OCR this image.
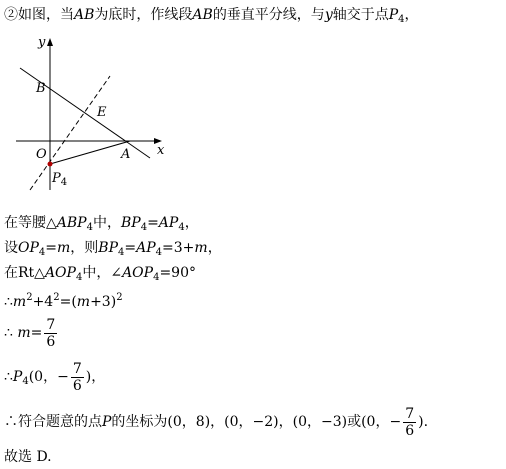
②如图，当AB为底时，作线段AB的垂直平分线，与y轴交于点$P_4$，
y
x
B
E
O	A
$P_4$
在等腰$\triangle ABP_4$中，$BP_4=AP_4$，
设$OP_4=m$，则$BP_4=AP_4=3+m$，
在$Rt\triangle AOP_4$中，$\angle AOP_4=90^\circ$
$\therefore m^2+4^2=(m+3)^2$
∴ $m= \frac{7}{6}$
$\therefore P_4(0$，− $\frac{7}{6}$ )，
∴符合题意的点P的坐标为(0，8)，(0，−2)，(0，−3)或(0，− $\frac{7}{6}$ ).
故选 D.
